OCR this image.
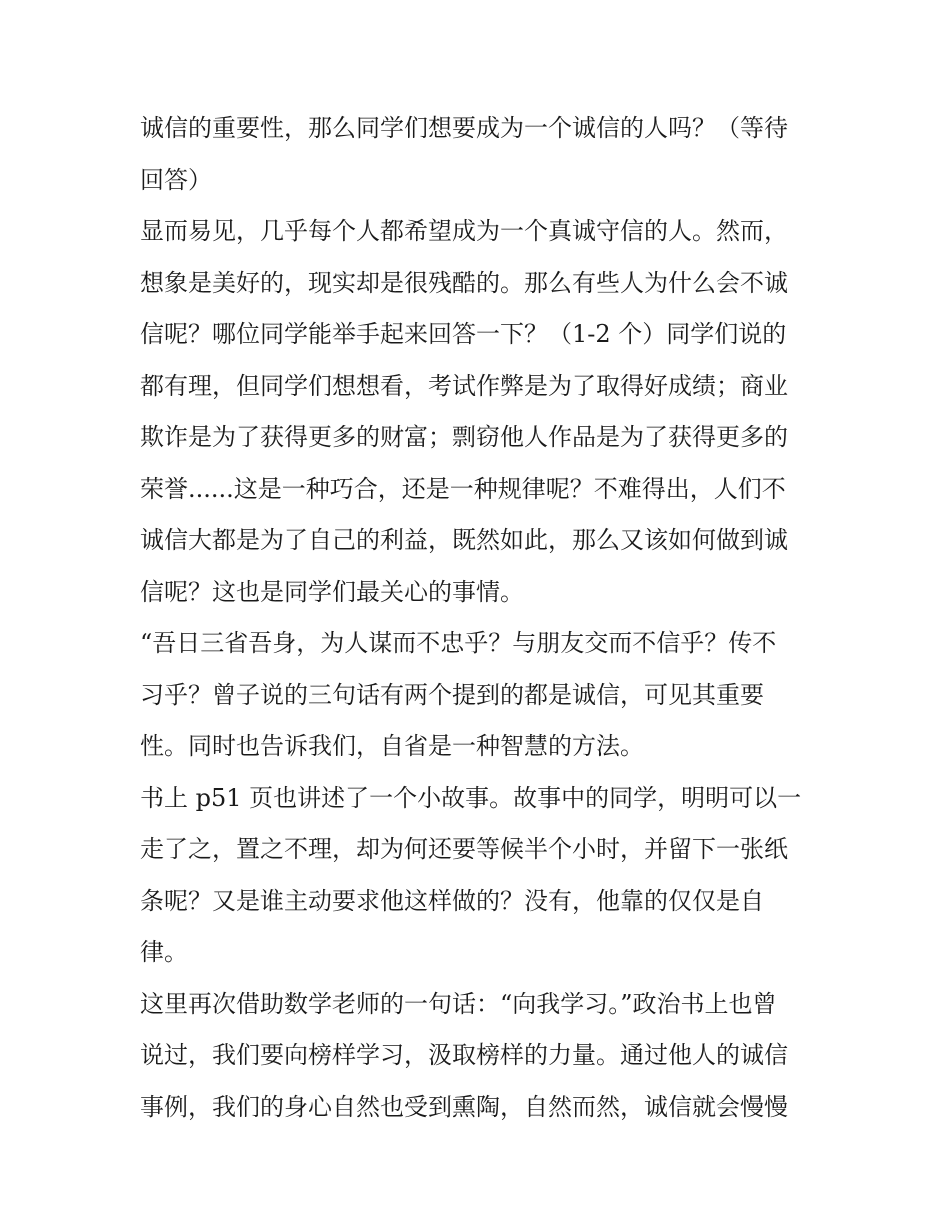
诚信的重要性，那么同学们想要成为一个诚信的人吗？（等待
回答）
显而易见，几乎每个人都希望成为一个真诚守信的人。然而，
想象是美好的，现实却是很残酷的。那么有些人为什么会不诚
信呢？哪位同学能举手起来回答一下？（1-2 个）同学们说的
都有理，但同学们想想看，考试作弊是为了取得好成绩；商业
欺诈是为了获得更多的财富；剽窃他人作品是为了获得更多的
荣誉......这是一种巧合，还是一种规律呢？不难得出，人们不
诚信大都是为了自己的利益，既然如此，那么又该如何做到诚
信呢？这也是同学们最关心的事情。
“吾日三省吾身，为人谋而不忠乎？与朋友交而不信乎？传不
习乎？曾子说的三句话有两个提到的都是诚信，可见其重要
性。同时也告诉我们，自省是一种智慧的方法。
书上 p51 页也讲述了一个小故事。故事中的同学，明明可以一
走了之，置之不理，却为何还要等候半个小时，并留下一张纸
条呢？又是谁主动要求他这样做的？没有，他靠的仅仅是自
律。
这里再次借助数学老师的一句话：“向我学习。”政治书上也曾
说过，我们要向榜样学习，汲取榜样的力量。通过他人的诚信
事例，我们的身心自然也受到熏陶，自然而然，诚信就会慢慢
